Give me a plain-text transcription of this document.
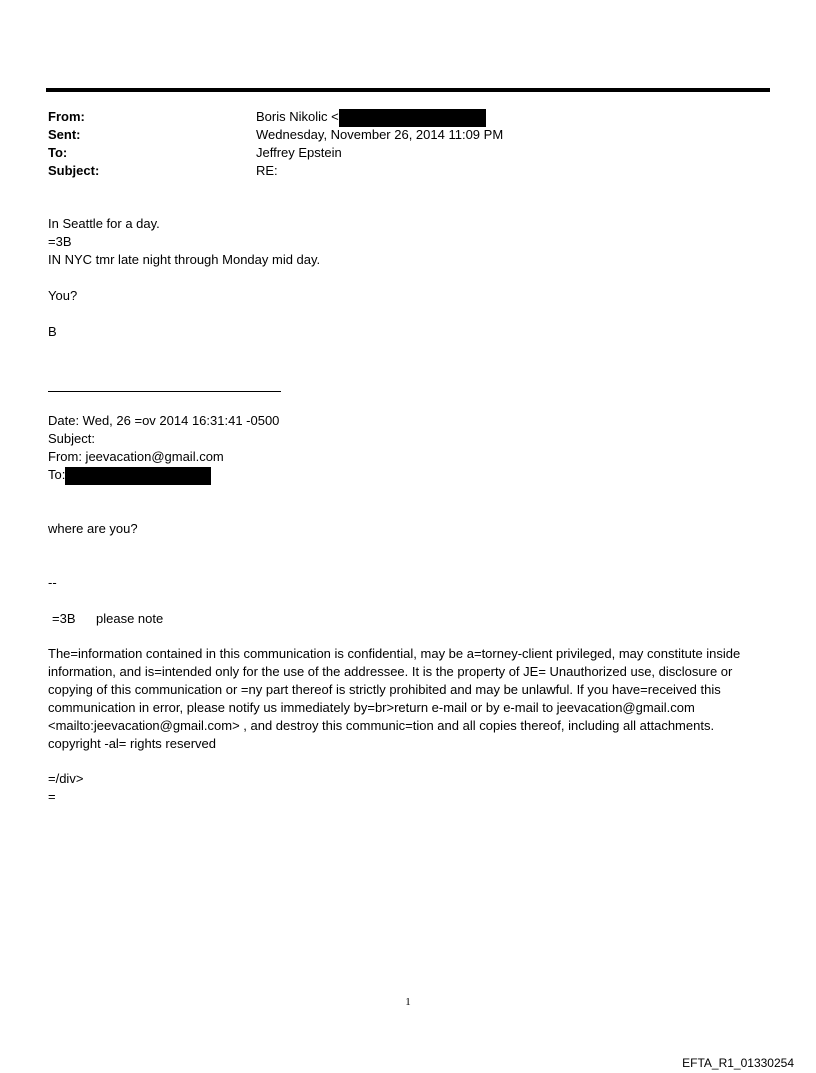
From:	Boris Nikolic <
Sent:	Wednesday, November 26, 2014 11:09 PM
To:	Jeffrey Epstein
Subject:	RE:
In Seattle for a day.
=3B
IN NYC tmr late night through Monday mid day.
You?
B
Date: Wed, 26 =ov 2014 16:31:41 -0500
Subject:
From: jeevacation@gmail.com
To:
where are you?
--
=3B please note
The=information contained in this communication is confidential, may be a=torney-client privileged, may constitute inside information, and is=intended only for the use of the addressee. It is the property of JE= Unauthorized use, disclosure or copying of this communication or =ny part thereof is strictly prohibited and may be unlawful. If you have=received this communication in error, please notify us immediately by=br>return e-mail or by e-mail to jeevacation@gmail.com <mailto:jeevacation@gmail.com> , and destroy this communic=tion and all copies thereof, including all attachments. copyright -al= rights reserved
=/div>
=
1
EFTA_R1_01330254
